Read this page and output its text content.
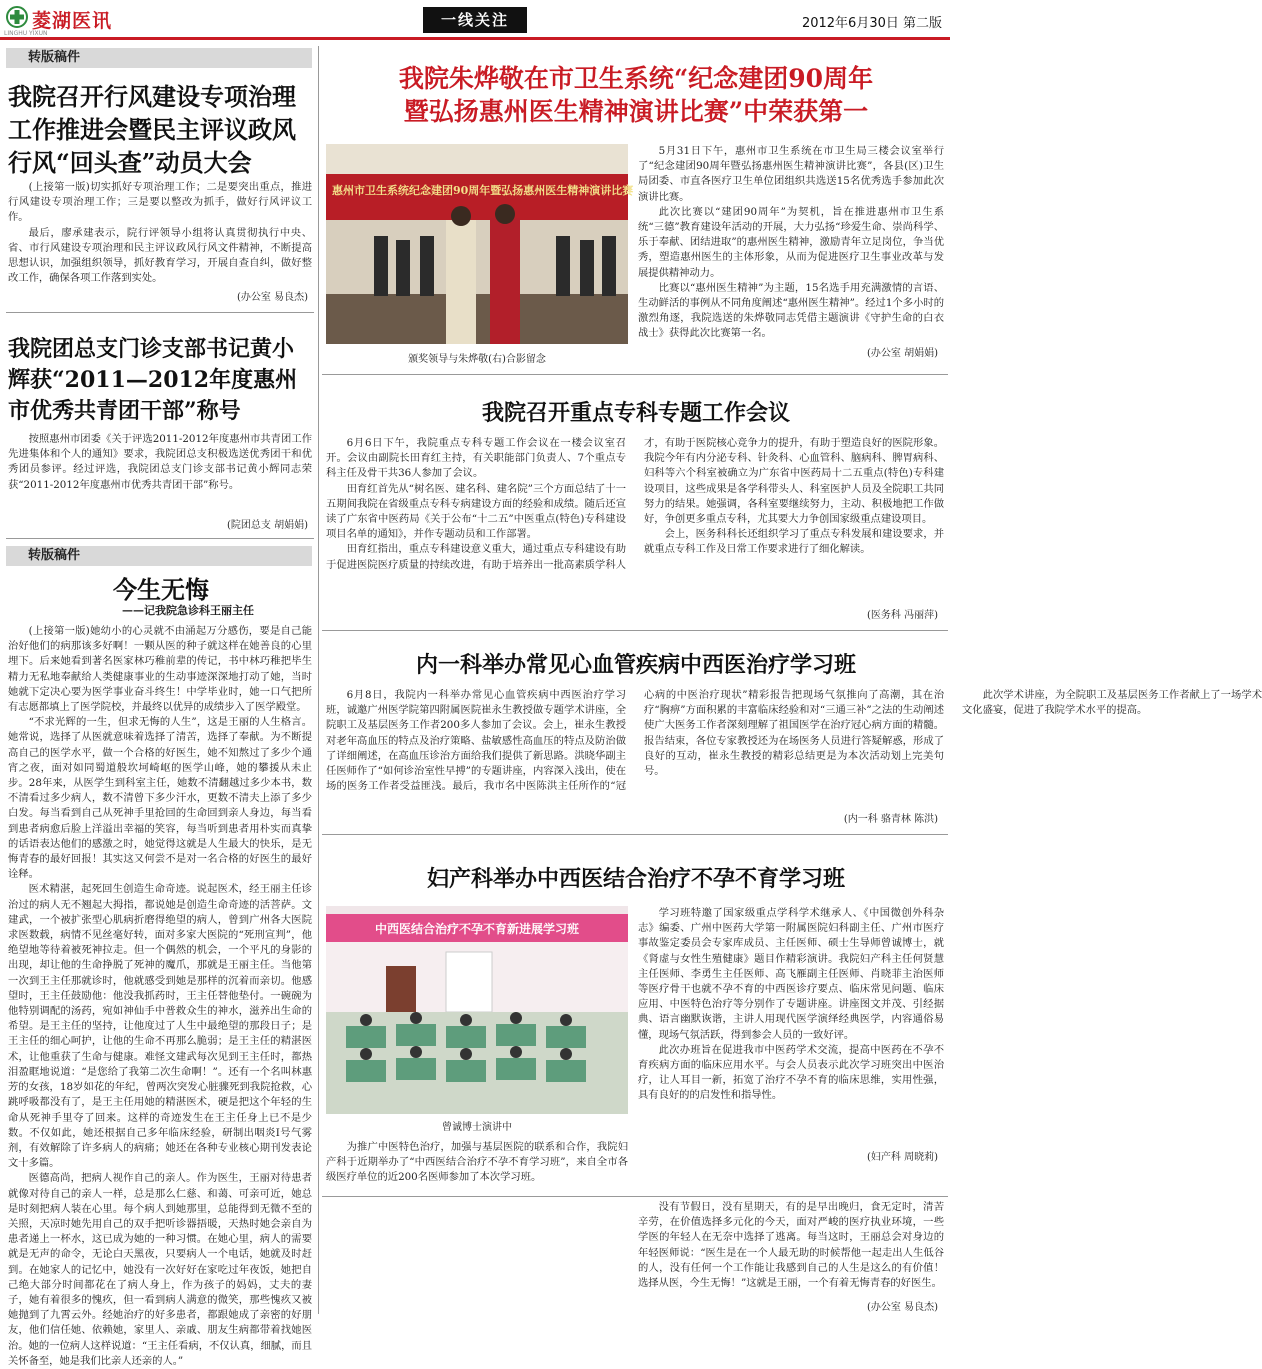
菱湖医讯
LINGHU YIXUN
一线关注	2012年6月30日 第二版
转版稿件
我院召开行风建设专项治理工作推进会暨民主评议政风行风“回头查”动员大会

(上接第一版)切实抓好专项治理工作；二是要突出重点，推进行风建设专项治理工作；三是要以整改为抓手，做好行风评议工作。

最后，廖承建表示，院行评领导小组将认真贯彻执行中央、省、市行风建设专项治理和民主评议政风行风文件精神，不断提高思想认识，加强组织领导，抓好教育学习，开展自查自纠，做好整改工作，确保各项工作落到实处。

(办公室 易良杰)
我院团总支门诊支部书记黄小辉获“2011—2012年度惠州市优秀共青团干部”称号

按照惠州市团委《关于评选2011-2012年度惠州市共青团工作先进集体和个人的通知》要求，我院团总支积极选送优秀团干和优秀团员参评。经过评选，我院团总支门诊支部书记黄小辉同志荣获“2011-2012年度惠州市优秀共青团干部”称号。

(院团总支 胡娟娟)
转版稿件
今生无悔
——记我院急诊科王丽主任

(上接第一版)她幼小的心灵就不由涌起万分感伤，要是自己能治好他们的病那该多好啊！一颗从医的种子就这样在她善良的心里埋下。后来她看到著名医家林巧稚前辈的传记，书中林巧稚把毕生精力无私地奉献给人类健康事业的生动事迹深深地打动了她，当时她就下定决心要为医学事业奋斗终生！中学毕业时，她一口气把所有志愿都填上了医学院校，并最终以优异的成绩步入了医学殿堂。

“不求光辉的一生，但求无悔的人生”，这是王丽的人生格言。她常说，选择了从医就意味着选择了清苦，选择了奉献。为不断提高自己的医学水平，做一个合格的好医生，她不知熬过了多少个通宵之夜，面对如同蜀道般坎坷崎岖的医学山峰，她的攀援从未止步。28年来，从医学生到科室主任，她数不清翻越过多少本书，数不清看过多少病人，数不清曾下多少汗水，更数不清夫上添了多少白发。每当看到自己从死神手里抢回的生命回到亲人身边，每当看到患者病愈后脸上洋溢出幸福的笑容，每当听到患者用朴实而真挚的话语表达他们的感激之时，她觉得这就是人生最大的快乐，是无悔青春的最好回报！其实这又何尝不是对一名合格的好医生的最好诠释。

医术精湛，起死回生创造生命奇迹。说起医术，经王丽主任诊治过的病人无不翘起大拇指，都说她是创造生命奇迹的活菩萨。文建武，一个被扩张型心肌病折磨得绝望的病人，曾到广州各大医院求医数载，病情不见丝毫好转，面对多家大医院的“死刑宣判”，他绝望地等待着被死神拉走。但一个偶然的机会，一个平凡的身影的出现，却让他的生命挣脱了死神的魔爪，那就是王丽主任。当他第一次到王主任那就诊时，他就感受到她是那样的沉着而亲切。他感望时，王主任鼓励他：他没我抓药时，王主任替他垫付。一碗碗为他特别调配的汤药，宛如神仙手中普救众生的神水，滋养出生命的希望。是王主任的坚持，让他度过了人生中最绝望的那段日子；是王主任的细心呵护，让他的生命不再那么脆弱；是王主任的精湛医术，让他重获了生命与健康。难怪文建武每次见到王主任时，都热泪盈眶地说道：“是您给了我第二次生命啊！”。还有一个名叫林惠芳的女孩，18岁如花的年纪，曾两次突发心脏骤死到我院抢救，心跳呼吸都没有了，是王主任用她的精湛医术，硬是把这个年轻的生命从死神手里夺了回来。这样的奇迹发生在王主任身上已不是少数。不仅如此，她还根据自己多年临床经验，研制出咽炎Ⅰ号气雾剂，有效解除了许多病人的病痛；她还在各种专业核心期刊发表论文十多篇。

医德高尚，把病人视作自己的亲人。作为医生，王丽对待患者就像对待自己的亲人一样，总是那么仁慈、和蔼、可亲可近，她总是时刻把病人装在心里。每个病人到她那里，总能得到无微不至的关照，天凉时她先用自己的双手把听诊器捂暖，天热时她会亲自为患者递上一杯水，这已成为她的一种习惯。在她心里，病人的需要就是无声的命令，无论白天黑夜，只要病人一个电话，她就及时赶到。在她家人的记忆中，她没有一次好好在家吃过年夜饭，她把自己绝大部分时间都花在了病人身上，作为孩子的妈妈，丈夫的妻子，她有着很多的愧疚，但一看到病人满意的微笑，那些愧疚又被她抛到了九霄云外。经她治疗的好多患者，都跟她成了亲密的好朋友，他们信任她、依赖她，家里人、亲戚、朋友生病都带着找她医治。她的一位病人这样说道：“王主任看病，不仅认真，细腻，而且关怀备至，她是我们比亲人还亲的人。”

我院朱烨敬在市卫生系统“纪念建团90周年
暨弘扬惠州医生精神演讲比赛”中荣获第一
惠州市卫生系统纪念建团90周年暨弘扬惠州医生精神演讲比赛
颁奖领导与朱烨敬(右)合影留念

5月31日下午，惠州市卫生系统在市卫生局三楼会议室举行了“纪念建团90周年暨弘扬惠州医生精神演讲比赛”，各县(区)卫生局团委、市直各医疗卫生单位团组织共选送15名优秀选手参加此次演讲比赛。

此次比赛以“建团90周年”为契机，旨在推进惠州市卫生系统“三德”教育建设年活动的开展，大力弘扬“珍爱生命、崇尚科学、乐于奉献、团结进取”的惠州医生精神，激励青年立足岗位，争当优秀，塑造惠州医生的主体形象，从而为促进医疗卫生事业改革与发展提供精神动力。

比赛以“惠州医生精神”为主题，15名选手用充满激情的言语、生动鲜活的事例从不同角度阐述“惠州医生精神”。经过1个多小时的激烈角逐，我院选送的朱烨敬同志凭借主题演讲《守护生命的白衣战士》获得此次比赛第一名。

(办公室 胡娟娟)
我院召开重点专科专题工作会议

6月6日下午，我院重点专科专题工作会议在一楼会议室召开。会议由副院长田育红主持，有关职能部门负责人、7个重点专科主任及骨干共36人参加了会议。

田育红首先从“树名医、建名科、建名院”三个方面总结了十一五期间我院在省级重点专科专病建设方面的经验和成绩。随后还宣读了广东省中医药局《关于公布“十二五”中医重点(特色)专科建设项目名单的通知》，并作专题动员和工作部署。

田育红指出，重点专科建设意义重大，通过重点专科建设有助于促进医院医疗质量的持续改进，有助于培养出一批高素质学科人才，有助于医院核心竞争力的提升，有助于塑造良好的医院形象。我院今年有内分泌专科、针灸科、心血管科、脑病科、脾胃病科、妇科等六个科室被确立为广东省中医药局十二五重点(特色)专科建设项目，这些成果是各学科带头人、科室医护人员及全院职工共同努力的结果。她强调，各科室要继续努力，主动、积极地把工作做好，争创更多重点专科，尤其要大力争创国家级重点建设项目。

会上，医务科科长还组织学习了重点专科发展和建设要求，并就重点专科工作及日常工作要求进行了细化解读。

(医务科 冯丽萍)
内一科举办常见心血管疾病中西医治疗学习班

6月8日，我院内一科举办常见心血管疾病中西医治疗学习班，诚邀广州医学院第四附属医院崔永生教授做专题学术讲座，全院职工及基层医务工作者200多人参加了会议。会上，崔永生教授对老年高血压的特点及治疗策略、盐敏感性高血压的特点及防治做了详细阐述，在高血压诊治方面给我们提供了新思路。洪晓华副主任医师作了“如何诊治室性早搏”的专题讲座，内容深入浅出，使在场的医务工作者受益匪浅。最后，我市名中医陈洪主任所作的“冠心病的中医治疗现状”精彩报告把现场气氛推向了高潮，其在治疗“胸痹”方面积累的丰富临床经验和对“三通三补”之法的生动阐述使广大医务工作者深刻理解了祖国医学在治疗冠心病方面的精髓。报告结束，各位专家教授还为在场医务人员进行答疑解惑，形成了良好的互动，崔永生教授的精彩总结更是为本次活动划上完美句号。

此次学术讲座，为全院职工及基层医务工作者献上了一场学术文化盛宴，促进了我院学术水平的提高。

(内一科 骆青林 陈洪)
妇产科举办中西医结合治疗不孕不育学习班
中西医结合治疗不孕不育新进展学习班
曾诚博士演讲中

为推广中医特色治疗，加强与基层医院的联系和合作，我院妇产科于近期举办了“中西医结合治疗不孕不育学习班”，来自全市各级医疗单位的近200名医师参加了本次学习班。

学习班特邀了国家级重点学科学术继承人、《中国微创外科杂志》编委、广州中医药大学第一附属医院妇科副主任、广州市医疗事故鉴定委员会专家库成员、主任医师、硕士生导师曾诚博士，就《肾虚与女性生殖健康》题目作精彩演讲。我院妇产科主任何贤慧主任医师、李勇生主任医师、高飞雁副主任医师、肖晓菲主治医师等医疗骨干也就不孕不育的中西医诊疗要点、临床常见问题、临床应用、中医特色治疗等分别作了专题讲座。讲座图文并茂、引经据典、语言幽默诙谐，主讲人用现代医学演绎经典医学，内容通俗易懂，现场气氛活跃，得到参会人员的一致好评。

此次办班旨在促进我市中医药学术交流，提高中医药在不孕不育疾病方面的临床应用水平。与会人员表示此次学习班突出中医治疗，让人耳目一新，拓宽了治疗不孕不育的临床思维，实用性强，具有良好的的启发性和指导性。

(妇产科 周晓莉)

没有节假日，没有星期天，有的是早出晚归，食无定时，清苦辛劳，在价值选择多元化的今天，面对严峻的医疗执业环境，一些学医的年轻人在无奈中选择了逃离。每当这时，王丽总会对身边的年轻医师说：“医生是在一个人最无助的时候帮他一起走出人生低谷的人，没有任何一个工作能让我感到自己的人生是这么的有价值！选择从医，今生无悔！”这就是王丽，一个有着无悔青春的好医生。

(办公室 易良杰)
